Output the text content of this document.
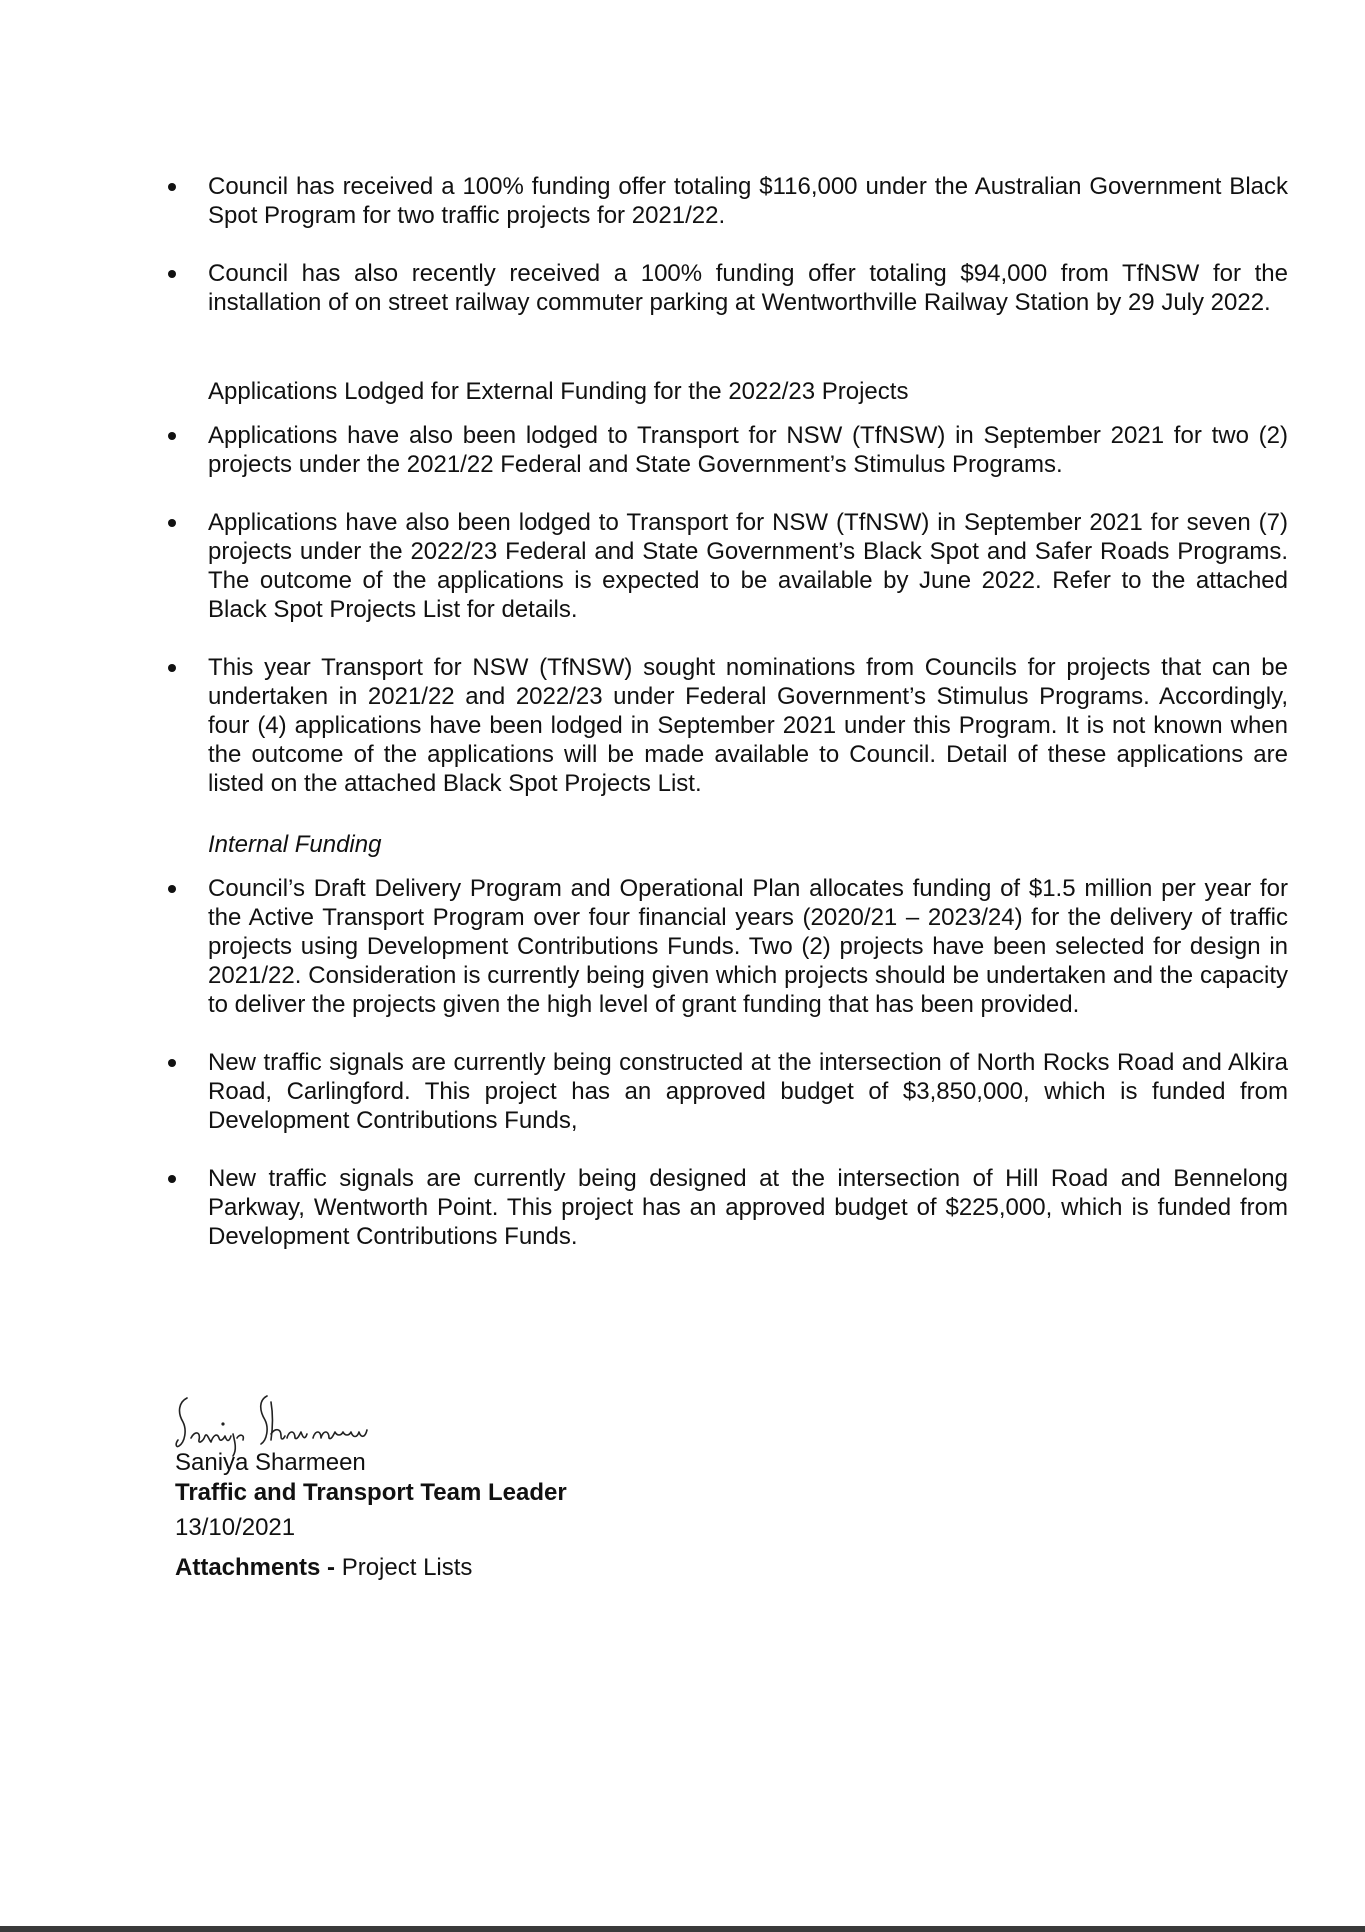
Council has received a 100% funding offer totaling $116,000 under the Australian Government Black Spot Program for two traffic projects for 2021/22.
Council has also recently received a 100% funding offer totaling $94,000 from TfNSW for the installation of on street railway commuter parking at Wentworthville Railway Station by 29 July 2022.
Applications Lodged for External Funding for the 2022/23 Projects
Applications have also been lodged to Transport for NSW (TfNSW) in September 2021 for two (2) projects under the 2021/22 Federal and State Government’s Stimulus Programs.
Applications have also been lodged to Transport for NSW (TfNSW) in September 2021 for seven (7) projects under the 2022/23 Federal and State Government’s Black Spot and Safer Roads Programs. The outcome of the applications is expected to be available by June 2022. Refer to the attached Black Spot Projects List for details.
This year Transport for NSW (TfNSW) sought nominations from Councils for projects that can be undertaken in 2021/22 and 2022/23 under Federal Government’s Stimulus Programs. Accordingly, four (4) applications have been lodged in September 2021 under this Program. It is not known when the outcome of the applications will be made available to Council. Detail of these applications are listed on the attached Black Spot Projects List.
Internal Funding
Council’s Draft Delivery Program and Operational Plan allocates funding of $1.5 million per year for the Active Transport Program over four financial years (2020/21 – 2023/24) for the delivery of traffic projects using Development Contributions Funds. Two (2) projects have been selected for design in 2021/22. Consideration is currently being given which projects should be undertaken and the capacity to deliver the projects given the high level of grant funding that has been provided.
New traffic signals are currently being constructed at the intersection of North Rocks Road and Alkira Road, Carlingford. This project has an approved budget of $3,850,000, which is funded from Development Contributions Funds,
New traffic signals are currently being designed at the intersection of Hill Road and Bennelong Parkway, Wentworth Point. This project has an approved budget of $225,000, which is funded from Development Contributions Funds.
Saniya Sharmeen
Traffic and Transport Team Leader
13/10/2021
Attachments - Project Lists
